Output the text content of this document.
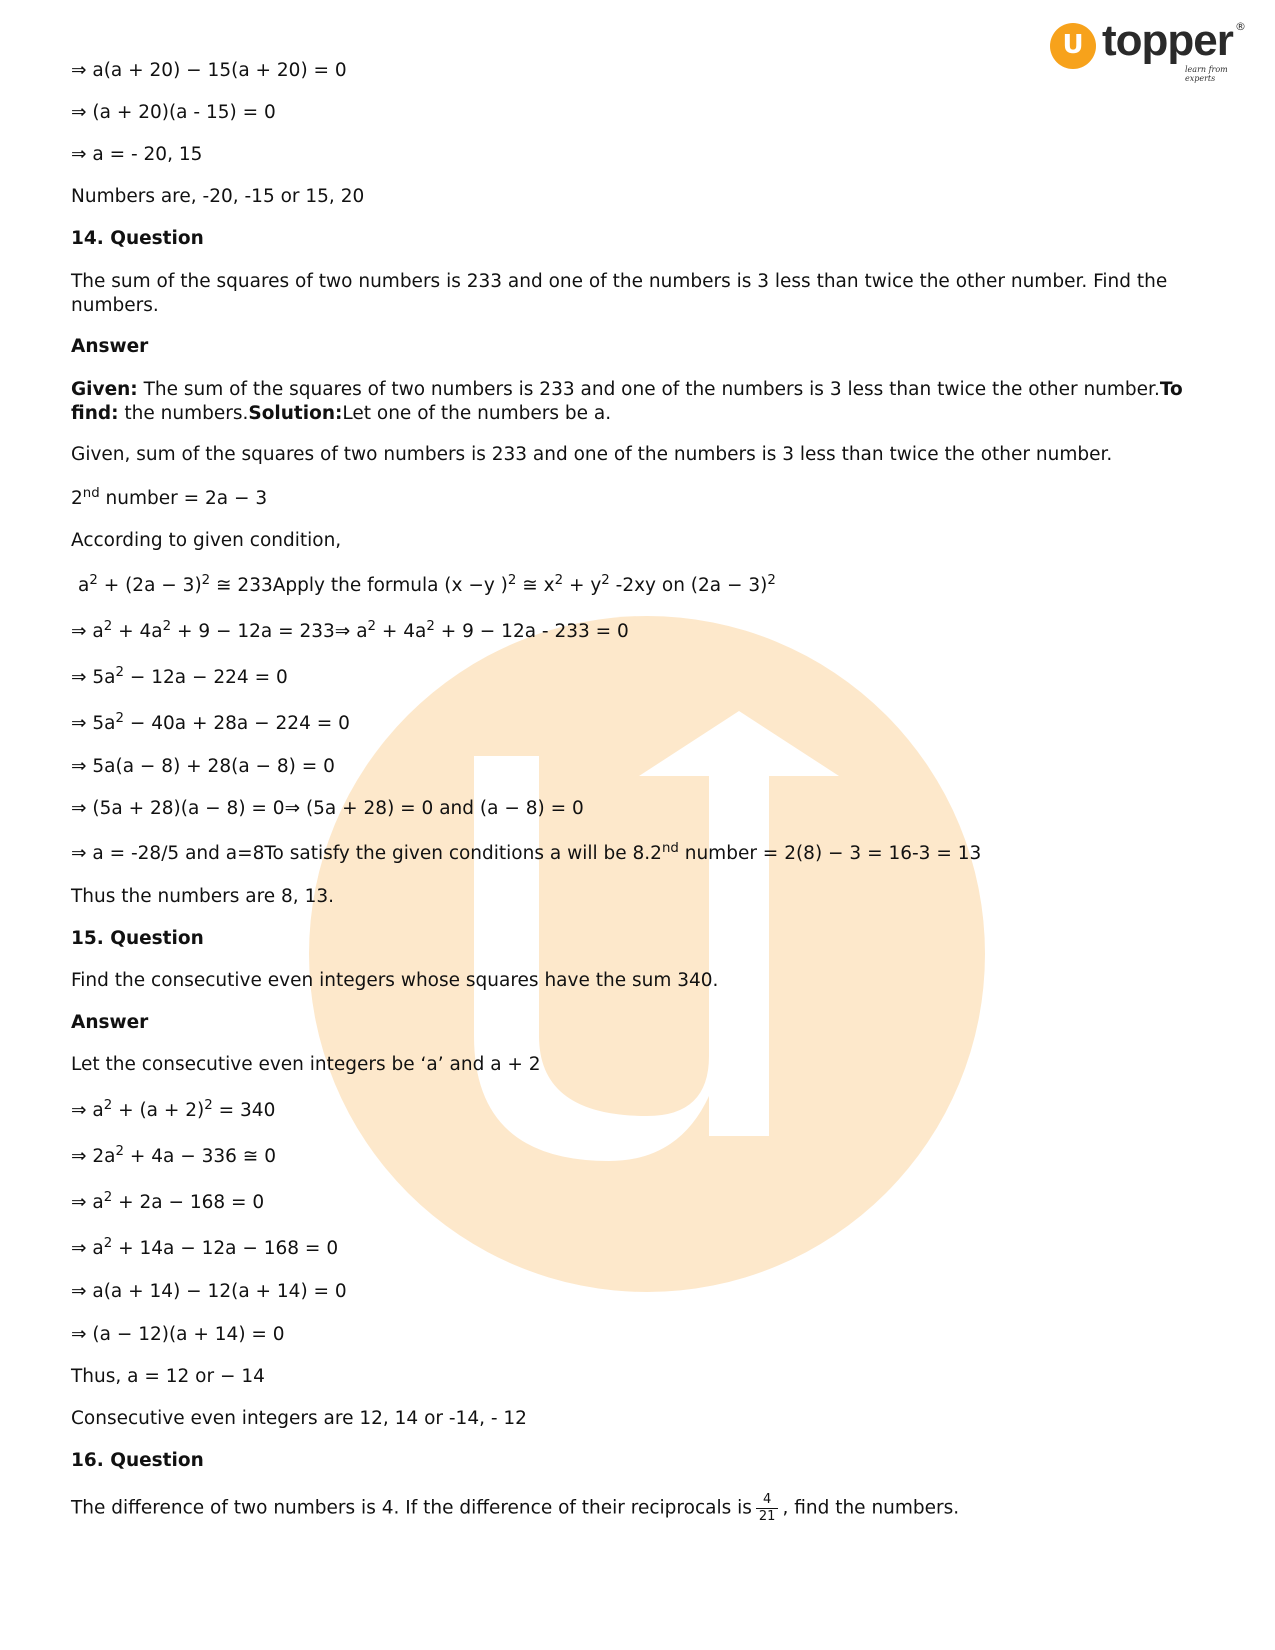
U topper
learn from experts
®
⇒ a(a + 20) − 15(a + 20) = 0
⇒ (a + 20)(a - 15) = 0
⇒ a = - 20, 15
Numbers are, -20, -15 or 15, 20
14. Question
The sum of the squares of two numbers is 233 and one of the numbers is 3 less than twice the other number. Find the numbers.
Answer
Given: The sum of the squares of two numbers is 233 and one of the numbers is 3 less than twice the other number.To find: the numbers.Solution:Let one of the numbers be a.
Given, sum of the squares of two numbers is 233 and one of the numbers is 3 less than twice the other number.
2nd number = 2a − 3
According to given condition,
$a^2 + (2a - 3)^2$ ≅ 233Apply the formula (x −y )$^2$ ≅ $x^2 + y^2$ -2xy on $(2a - 3)^2$
⇒ $a^2 + 4a^2 + 9 - 12a$ = 233⇒ $a^2 + 4a^2 + 9 - 12a - 233 = 0$
⇒ $5a^2 - 12a - 224 = 0$
⇒ $5a^2 - 40a + 28a - 224 = 0$
⇒ 5a(a − 8) + 28(a − 8) = 0
⇒ (5a + 28)(a − 8) = 0⇒ (5a + 28) = 0 and (a − 8) = 0
⇒ a = -28/5 and a=8To satisfy the given conditions a will be 8.2nd number = 2(8) − 3 = 16-3 = 13
Thus the numbers are 8, 13.
15. Question
Find the consecutive even integers whose squares have the sum 340.
Answer
Let the consecutive even integers be ‘a’ and a + 2
⇒ $a^2 + (a + 2)^2 = 340$
⇒ $2a^2 + 4a - 336$ ≅ 0
⇒ $a^2 + 2a - 168 = 0$
⇒ $a^2 + 14a - 12a - 168 = 0$
⇒ a(a + 14) − 12(a + 14) = 0
⇒ (a − 12)(a + 14) = 0
Thus, a = 12 or − 14
Consecutive even integers are 12, 14 or -14, - 12
16. Question
The difference of two numbers is 4. If the difference of their reciprocals is $\frac{4}{21}$ , find the numbers.
